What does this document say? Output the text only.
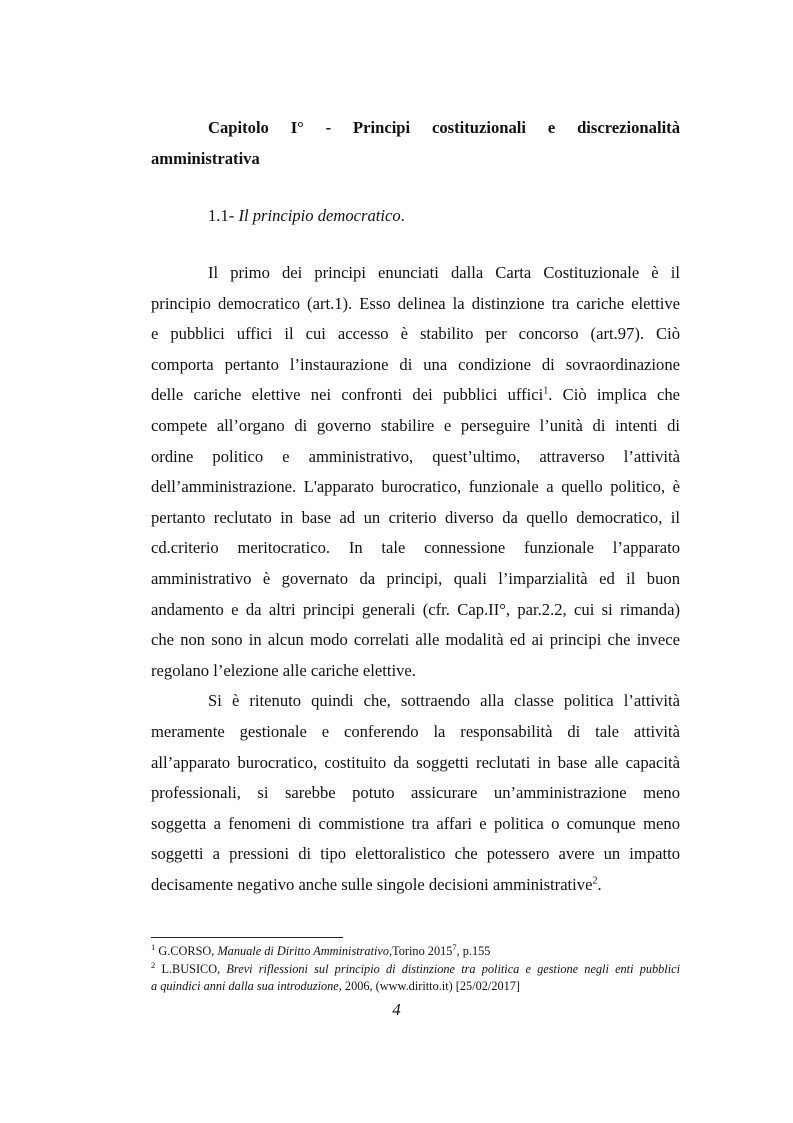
Capitolo I° - Principi costituzionali e discrezionalità
amministrativa

1.1- Il principio democratico.

Il primo dei principi enunciati dalla Carta Costituzionale è il
principio democratico (art.1). Esso delinea la distinzione tra cariche elettive
e pubblici uffici il cui accesso è stabilito per concorso (art.97). Ciò
comporta pertanto l’instaurazione di una condizione di sovraordinazione
delle cariche elettive nei confronti dei pubblici uffici$^1$. Ciò implica che
compete all’organo di governo stabilire e perseguire l’unità di intenti di
ordine politico e amministrativo, quest’ultimo, attraverso l’attività
dell’amministrazione. L'apparato burocratico, funzionale a quello politico, è
pertanto reclutato in base ad un criterio diverso da quello democratico, il
cd.criterio meritocratico. In tale connessione funzionale l’apparato
amministrativo è governato da principi, quali l’imparzialità ed il buon
andamento e da altri principi generali (cfr. Cap.II°, par.2.2, cui si rimanda)
che non sono in alcun modo correlati alle modalità ed ai principi che invece
regolano l’elezione alle cariche elettive.
Si è ritenuto quindi che, sottraendo alla classe politica l’attività
meramente gestionale e conferendo la responsabilità di tale attività
all’apparato burocratico, costituito da soggetti reclutati in base alle capacità
professionali, si sarebbe potuto assicurare un’amministrazione meno
soggetta a fenomeni di commistione tra affari e politica o comunque meno
soggetti a pressioni di tipo elettoralistico che potessero avere un impatto
decisamente negativo anche sulle singole decisioni amministrative$^2$.

$^1$ G.CORSO, Manuale di Diritto Amministrativo,Torino 2015$^7$, p.155

$^2$ L.BUSICO, Brevi riflessioni sul principio di distinzione tra politica e gestione negli enti pubblici
a quindici anni dalla sua introduzione, 2006, (www.diritto.it) [25/02/2017]

4
